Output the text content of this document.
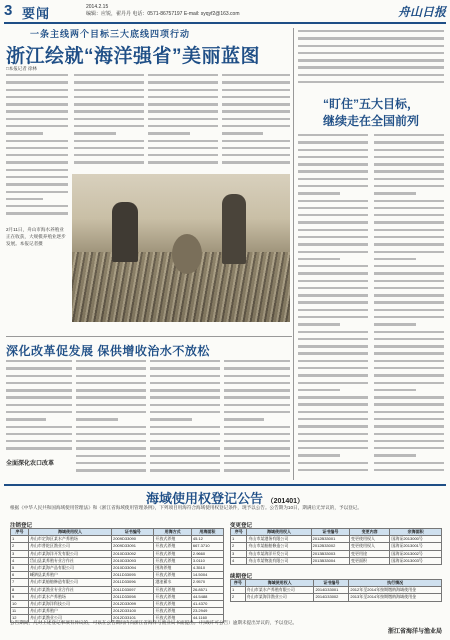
3 要闻	2014.2.15
编辑：应锐，翟丹丹 电话：0571-86757197 E-mail: syqyf2@163.com	舟山日报
一条主线两个目标三大底线四项行动
浙江绘就“海洋强省”美丽蓝图
□本报记者 徐林
2月11日，舟山市海水养殖业正在收获，大规模养殖业逐步发展。本报记者摄
“盯住”五大目标，
继续走在全国前列
深化改革促发展 保供增收治水不放松
全面深化农口改革
海域使用权登记公告 （201401）
根据《中华人民共和国海域使用管理法》和《浙江省海域使用管理条例》，下列项目用海符合海域使用权登记条件，现予以公告。公告期为10日，期满后无异议的，予以登记。
注销登记
序号	海域使用权人	证书编号	用海方式	用海面积
1	舟山市定海区某水产养殖场	2009D33090	开放式养殖	45.12
2	舟山市普陀区渔业公司	2009D33091	开放式养殖	667.3710
3	舟山市某海洋开发有限公司	2010D33092	开放式养殖	2.9660
4	岱山县某养殖专业合作社	2010D33093	开放式养殖	3.0110
5	舟山市某海产品有限公司	2010D33094	围海养殖	4.3510
6	嵊泗县某养殖户	2011D33095	开放式养殖	14.5004
7	舟山市某船舶修造有限公司	2011D33096	港池蓄水	2.9570
8	舟山市某渔业专业合作社	2011D33097	开放式养殖	26.8571
9	舟山市某水产养殖场	2011D33098	开放式养殖	44.5488
10	舟山市某海洋科技公司	2012D33099	开放式养殖	41.4370
11	舟山市某养殖户	2012D33100	开放式养殖	23.2949
12	舟山市某渔业公司	2012D33101	开放式养殖	44.1160
变更登记
序号	海域使用权人	证书编号	变更内容	宗海面积
1	舟山市某港务有限公司	2012B33001	变更使用权人	国海证2013000号
2	舟山市某船舶修造公司	2012B33002	变更使用权人	国海证2013001号
3	舟山市某海洋开发公司	2013B33003	变更用途	国海证2013002号
4	舟山市某物流有限公司	2013B33004	变更面积	国海证2013003号
续期登记
序号	海域使用权人	证书编号	执行情况
1	舟山市某水产养殖有限公司	2014D33001	2012年至2014年按期缴纳海域使用金
2	舟山市某海洋渔业公司	2014D33002	2013年至2014年按期缴纳海域使用金
公告期间，凡对上述登记事项有异议的，可以在公告期间内向浙江省海洋与渔业局书面提出。（行政许可公告）逾期未提出异议的，予以登记。
浙江省海洋与渔业局
